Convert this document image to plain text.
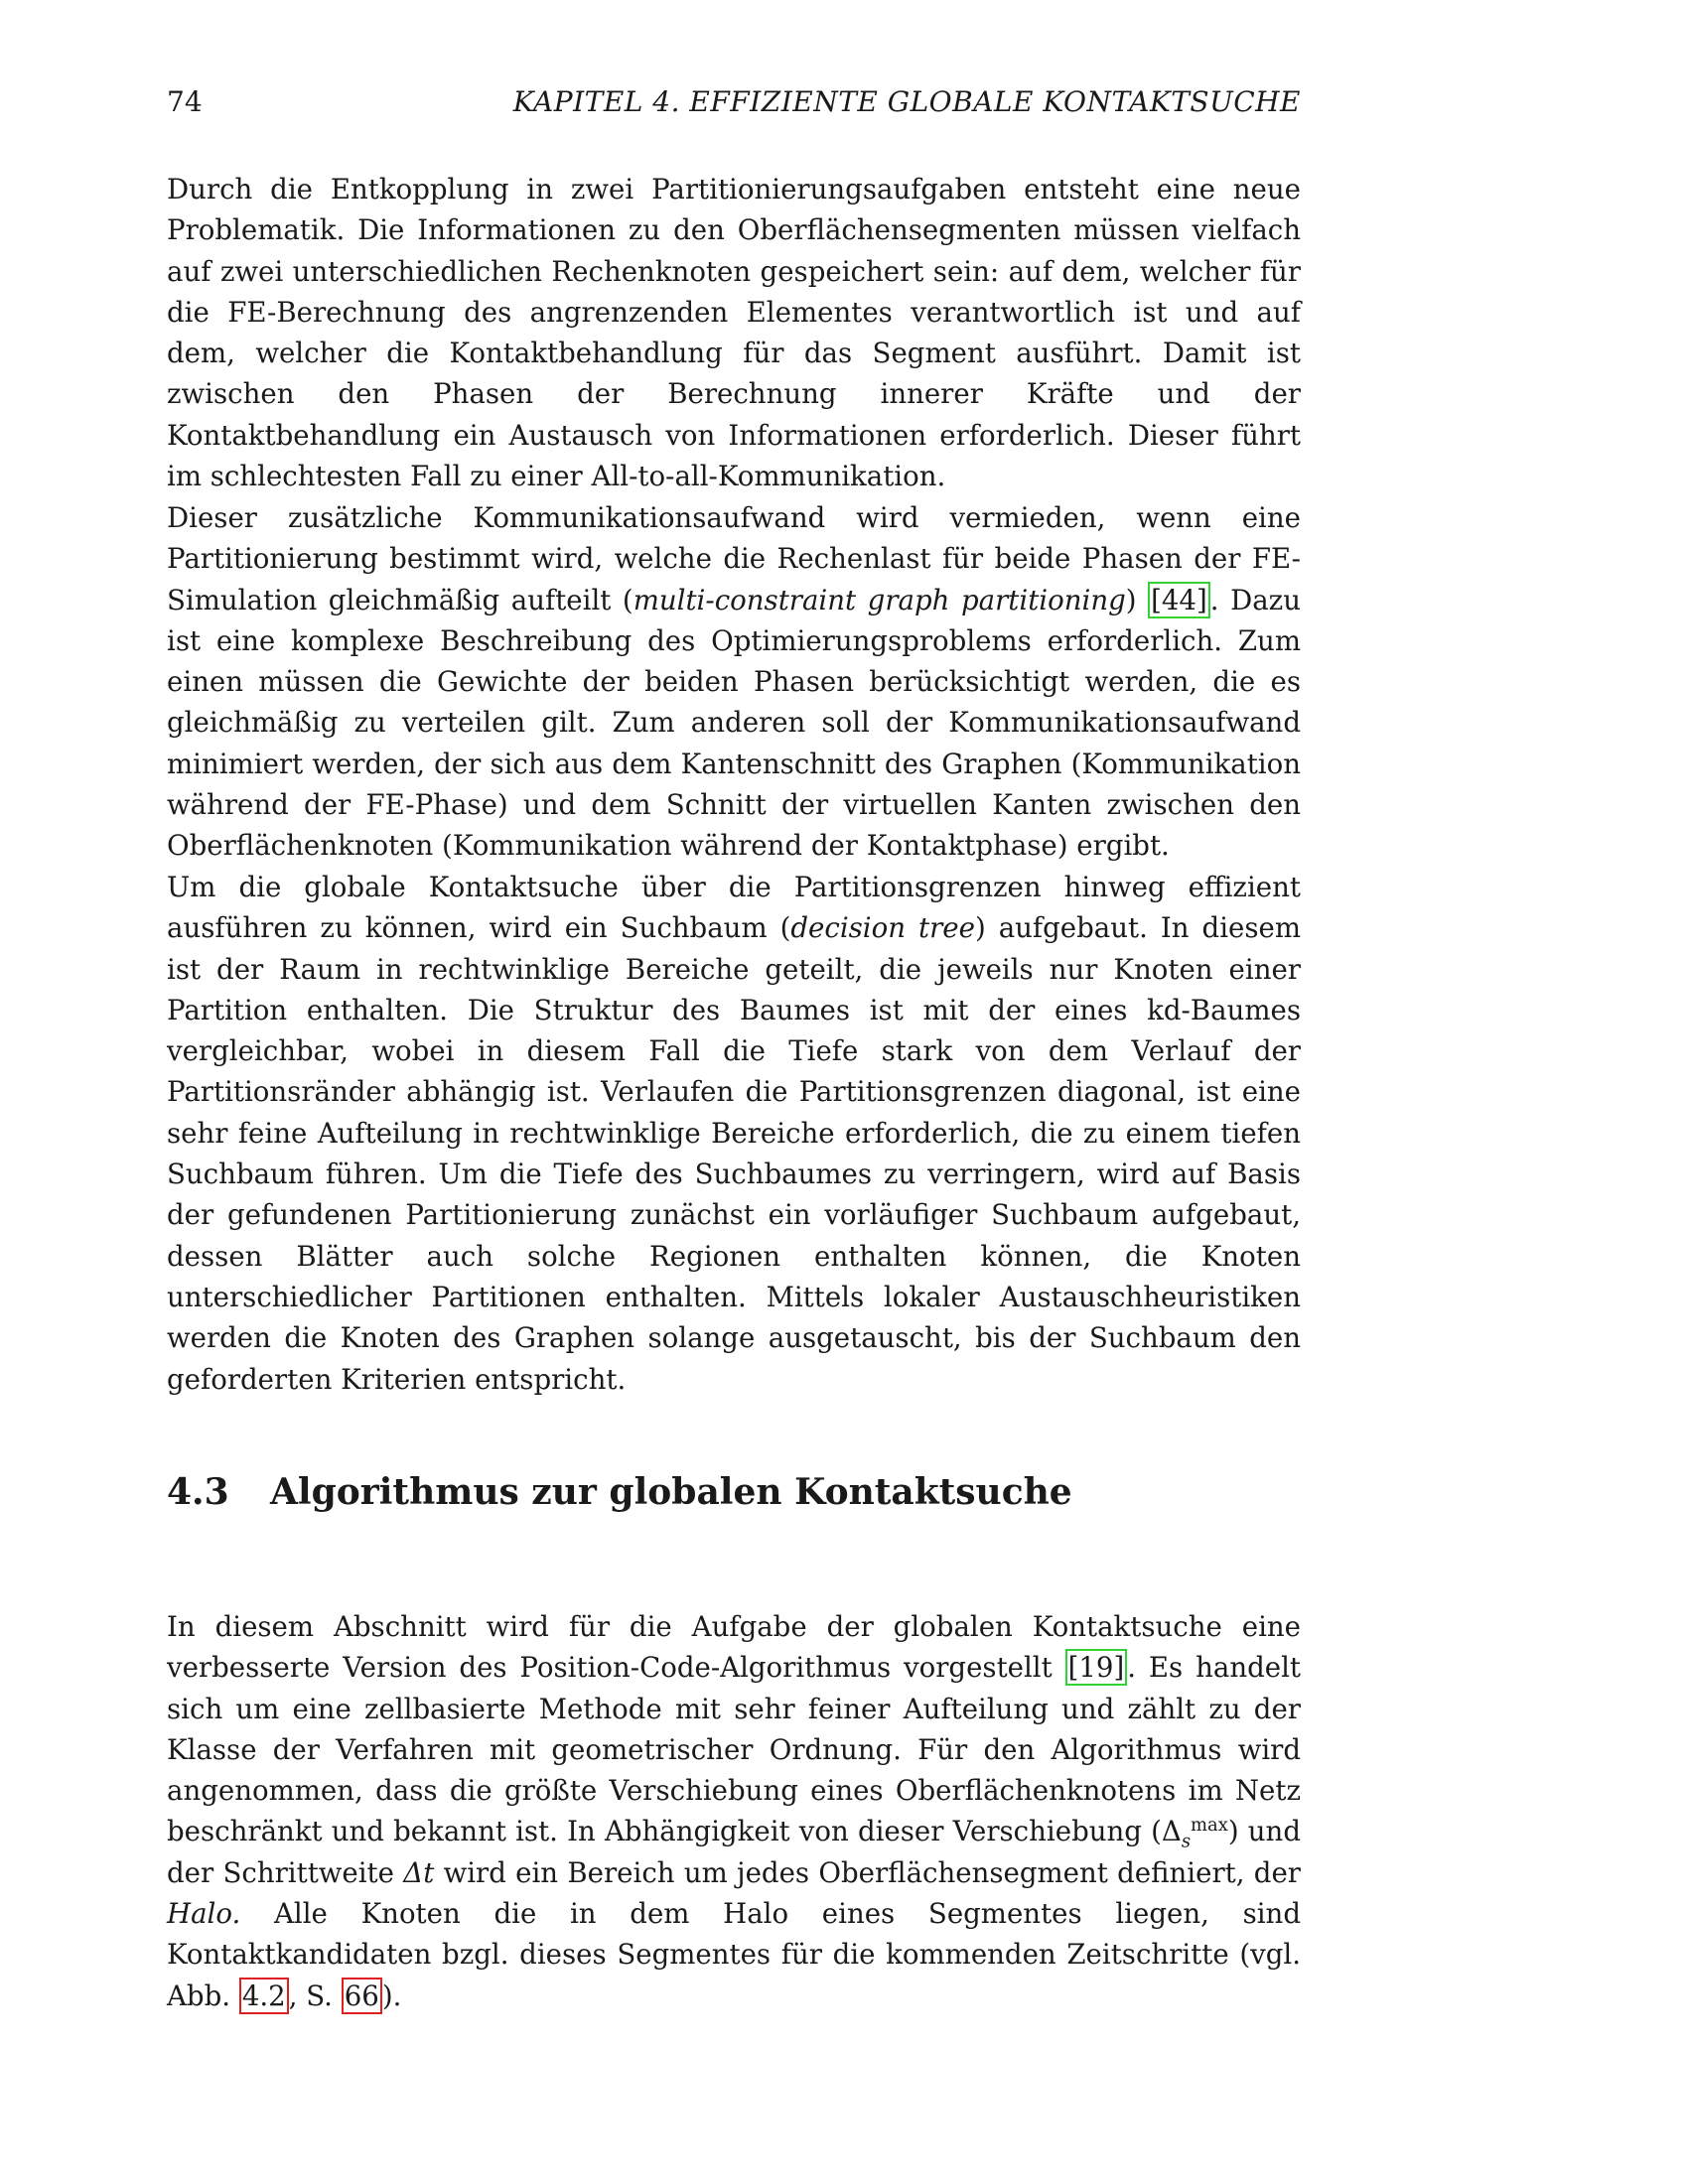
74	KAPITEL 4. EFFIZIENTE GLOBALE KONTAKTSUCHE

Durch die Entkopplung in zwei Partitionierungsaufgaben entsteht eine neue Problematik. Die Informationen zu den Oberflächensegmenten müssen vielfach auf zwei unterschiedlichen Rechenknoten gespeichert sein: auf dem, welcher für die FE-Berechnung des angrenzenden Elementes verantwortlich ist und auf dem, welcher die Kontaktbehandlung für das Segment ausführt. Damit ist zwischen den Phasen der Berechnung innerer Kräfte und der Kontaktbehandlung ein Austausch von Informationen erforderlich. Dieser führt im schlechtesten Fall zu einer All-to-all-Kommunikation.

Dieser zusätzliche Kommunikationsaufwand wird vermieden, wenn eine Partitionierung bestimmt wird, welche die Rechenlast für beide Phasen der FE-Simulation gleichmäßig aufteilt (multi-constraint graph partitioning) [44] . Dazu ist eine komplexe Beschreibung des Optimierungsproblems erforderlich. Zum einen müssen die Gewichte der beiden Phasen berücksichtigt werden, die es gleichmäßig zu verteilen gilt. Zum anderen soll der Kommunikationsaufwand minimiert werden, der sich aus dem Kantenschnitt des Graphen (Kommunikation während der FE-Phase) und dem Schnitt der virtuellen Kanten zwischen den Oberflächenknoten (Kommunikation während der Kontaktphase) ergibt.

Um die globale Kontaktsuche über die Partitionsgrenzen hinweg effizient ausführen zu können, wird ein Suchbaum (decision tree) aufgebaut. In diesem ist der Raum in rechtwinklige Bereiche geteilt, die jeweils nur Knoten einer Partition enthalten. Die Struktur des Baumes ist mit der eines kd-Baumes vergleichbar, wobei in diesem Fall die Tiefe stark von dem Verlauf der Partitionsränder abhängig ist. Verlaufen die Partitionsgrenzen diagonal, ist eine sehr feine Aufteilung in rechtwinklige Bereiche erforderlich, die zu einem tiefen Suchbaum führen. Um die Tiefe des Suchbaumes zu verringern, wird auf Basis der gefundenen Partitionierung zunächst ein vorläufiger Suchbaum aufgebaut, dessen Blätter auch solche Regionen enthalten können, die Knoten unterschiedlicher Partitionen enthalten. Mittels lokaler Austauschheuristiken werden die Knoten des Graphen solange ausgetauscht, bis der Suchbaum den geforderten Kriterien entspricht.

4.3 Algorithmus zur globalen Kontaktsuche

In diesem Abschnitt wird für die Aufgabe der globalen Kontaktsuche eine verbesserte Version des Position-Code-Algorithmus vorgestellt [19] . Es handelt sich um eine zellbasierte Methode mit sehr feiner Aufteilung und zählt zu der Klasse der Verfahren mit geometrischer Ordnung. Für den Algorithmus wird angenommen, dass die größte Verschiebung eines Oberflächenknotens im Netz beschränkt und bekannt ist. In Abhängigkeit von dieser Verschiebung $(\Delta_s^{max})$ und der Schrittweite Δt wird ein Bereich um jedes Oberflächensegment definiert, der Halo. Alle Knoten die in dem Halo eines Segmentes liegen, sind Kontaktkandidaten bzgl. dieses Segmentes für die kommenden Zeitschritte (vgl. Abb. 4.2 , S. 66 ).
